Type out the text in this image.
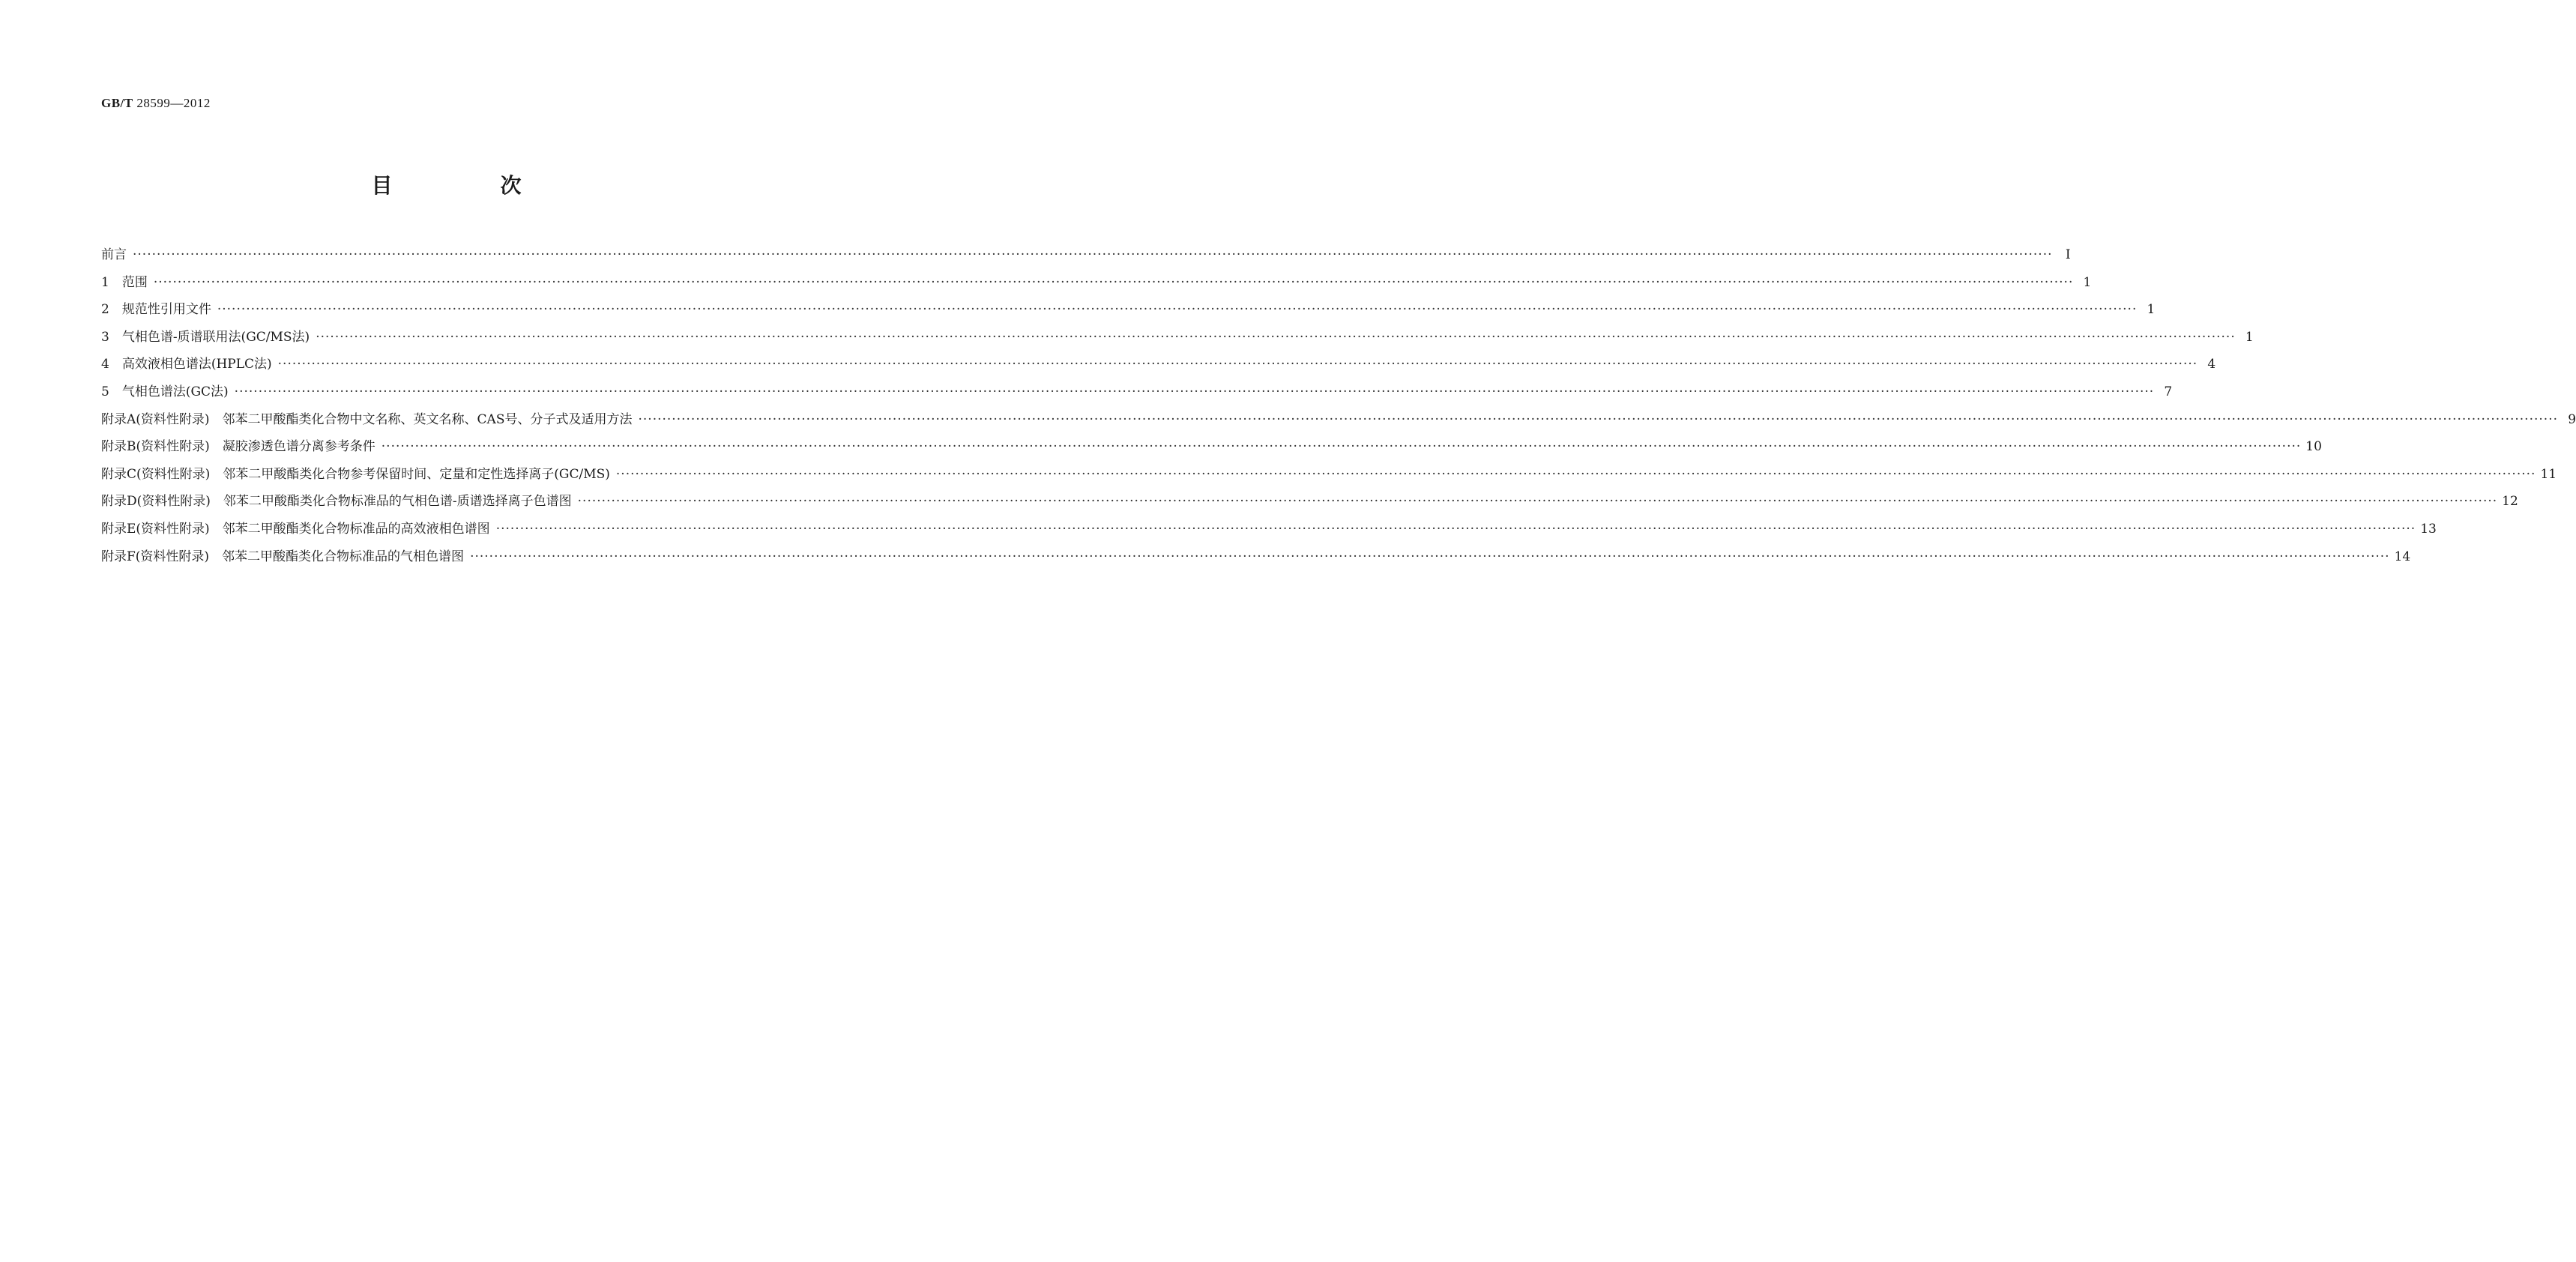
GB/T 28599—2012
目　次
前言 ················································································································································································································································································································································································································	Ⅰ
1　范围 ················································································································································································································································································································································································································ 1
2　规范性引用文件 ················································································································································································································································································································································································································ 1
3　气相色谱-质谱联用法(GC/MS法) ················································································································································································································································································································································································································ 1
4　高效液相色谱法(HPLC法) ················································································································································································································································································································································································································ 4
5　气相色谱法(GC法) ················································································································································································································································································································································································································ 7
附录A(资料性附录)　邻苯二甲酸酯类化合物中文名称、英文名称、CAS号、分子式及适用方法 ················································································································································································································································································································································································································ 9
附录B(资料性附录)　凝胶渗透色谱分离参考条件 ················································································································································································································································································································································································································ 10
附录C(资料性附录)　邻苯二甲酸酯类化合物参考保留时间、定量和定性选择离子(GC/MS) ················································································································································································································································································································································································································ 11
附录D(资料性附录)　邻苯二甲酸酯类化合物标准品的气相色谱-质谱选择离子色谱图 ················································································································································································································································································································································································································ 12
附录E(资料性附录)　邻苯二甲酸酯类化合物标准品的高效液相色谱图 ················································································································································································································································································································································································································ 13
附录F(资料性附录)　邻苯二甲酸酯类化合物标准品的气相色谱图 ················································································································································································································································································································································································································ 14
